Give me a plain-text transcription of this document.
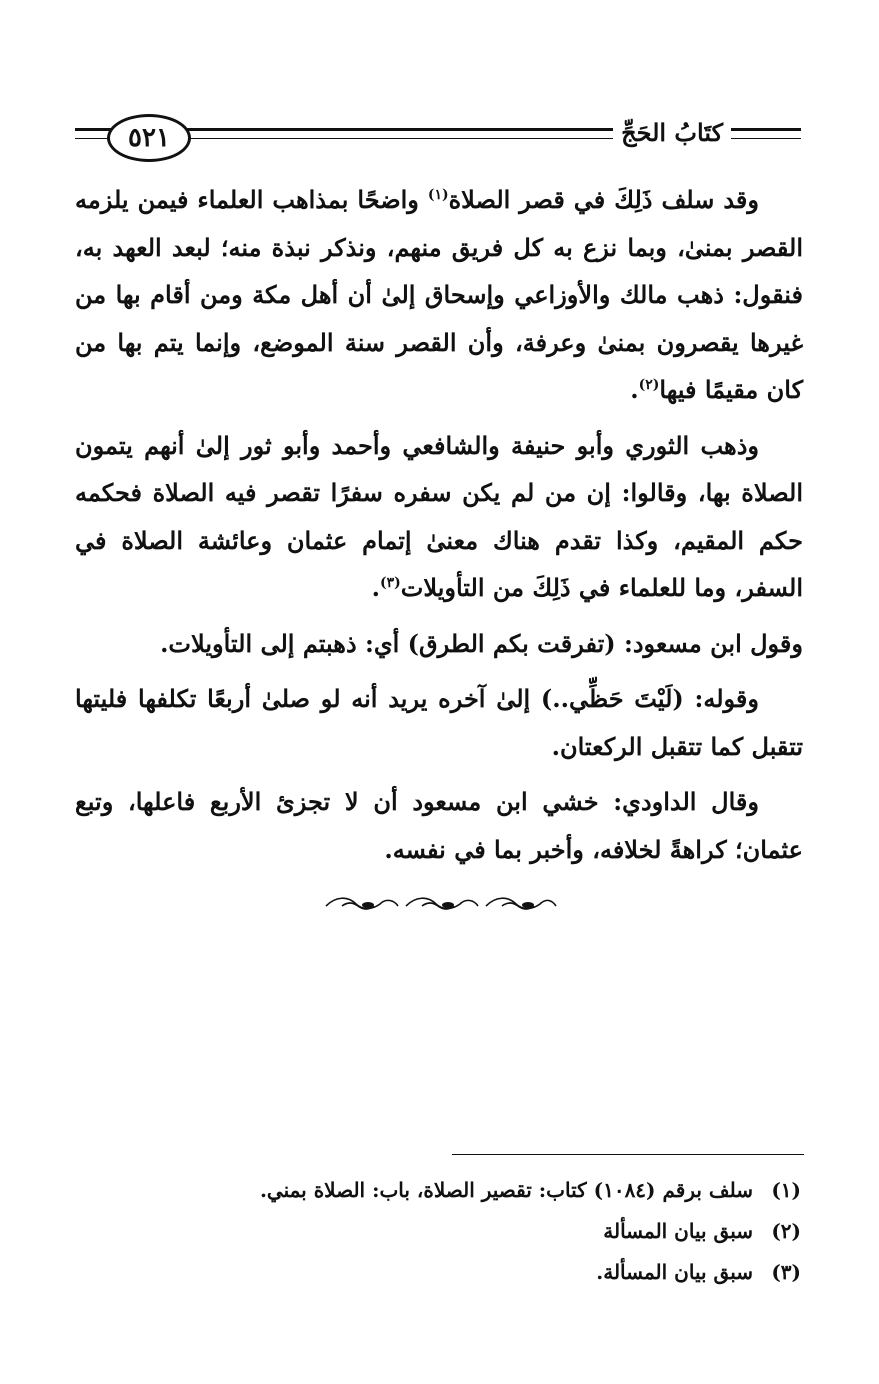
٥٢١	كتَابُ الحَجِّ

وقد سلف ذَلِكَ في قصر الصلاة$^{(١)}$ واضحًا بمذاهب العلماء فيمن يلزمه القصر بمنىٰ، وبما نزع به كل فريق منهم، ونذكر نبذة منه؛ لبعد العهد به، فنقول: ذهب مالك والأوزاعي وإسحاق إلىٰ أن أهل مكة ومن أقام بها من غيرها يقصرون بمنىٰ وعرفة، وأن القصر سنة الموضع، وإنما يتم بها من كان مقيمًا فيها$^{(٢)}$.

وذهب الثوري وأبو حنيفة والشافعي وأحمد وأبو ثور إلىٰ أنهم يتمون الصلاة بها، وقالوا: إن من لم يكن سفره سفرًا تقصر فيه الصلاة فحكمه حكم المقيم، وكذا تقدم هناك معنىٰ إتمام عثمان وعائشة الصلاة في السفر، وما للعلماء في ذَلِكَ من التأويلات$^{(٣)}$.

وقول ابن مسعود: (تفرقت بكم الطرق) أي: ذهبتم إلى التأويلات.

وقوله: (لَيْتَ حَظِّي..) إلىٰ آخره يريد أنه لو صلىٰ أربعًا تكلفها فليتها تتقبل كما تتقبل الركعتان.

وقال الداودي: خشي ابن مسعود أن لا تجزئ الأربع فاعلها، وتبع عثمان؛ كراهةً لخلافه، وأخبر بما في نفسه.

(١)
سلف برقم (١٠٨٤) كتاب: تقصير الصلاة، باب: الصلاة بمني.
(٢)
سبق بيان المسألة
(٣)
سبق بيان المسألة.
